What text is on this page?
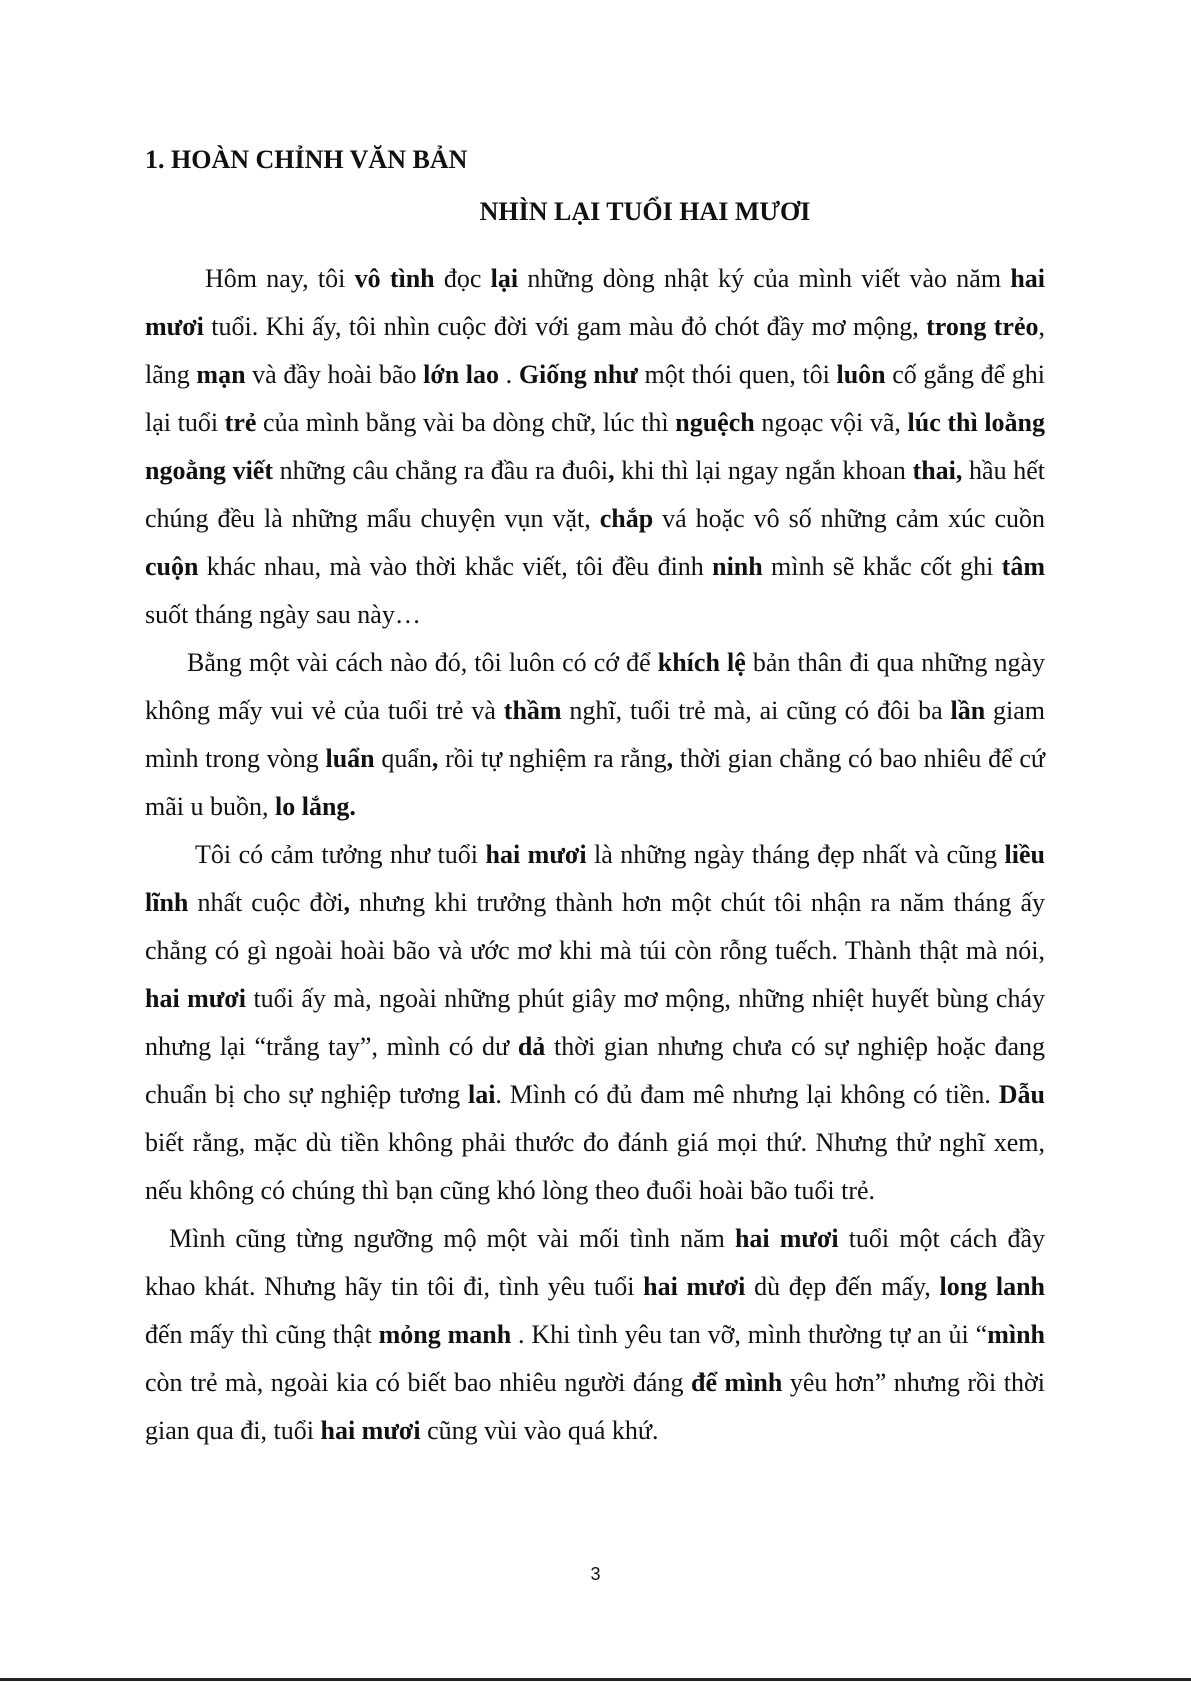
1. HOÀN CHỈNH VĂN BẢN
NHÌN LẠI TUỔI HAI MƯƠI

Hôm nay, tôi vô tình đọc lại những dòng nhật ký của mình viết vào năm hai mươi tuổi. Khi ấy, tôi nhìn cuộc đời với gam màu đỏ chót đầy mơ mộng, trong trẻo, lãng mạn và đầy hoài bão lớn lao . Giống như một thói quen, tôi luôn cố gắng để ghi lại tuổi trẻ của mình bằng vài ba dòng chữ, lúc thì nguệch ngoạc vội vã, lúc thì loằng ngoằng viết những câu chẳng ra đầu ra đuôi, khi thì lại ngay ngắn khoan thai, hầu hết chúng đều là những mẩu chuyện vụn vặt, chắp vá hoặc vô số những cảm xúc cuồn cuộn khác nhau, mà vào thời khắc viết, tôi đều đinh ninh mình sẽ khắc cốt ghi tâm suốt tháng ngày sau này…

Bằng một vài cách nào đó, tôi luôn có cớ để khích lệ bản thân đi qua những ngày không mấy vui vẻ của tuổi trẻ và thầm nghĩ, tuổi trẻ mà, ai cũng có đôi ba lần giam mình trong vòng luẩn quẩn, rồi tự nghiệm ra rằng, thời gian chẳng có bao nhiêu để cứ mãi u buồn, lo lắng.

Tôi có cảm tưởng như tuổi hai mươi là những ngày tháng đẹp nhất và cũng liều lĩnh nhất cuộc đời, nhưng khi trưởng thành hơn một chút tôi nhận ra năm tháng ấy chẳng có gì ngoài hoài bão và ước mơ khi mà túi còn rỗng tuếch. Thành thật mà nói, hai mươi tuổi ấy mà, ngoài những phút giây mơ mộng, những nhiệt huyết bùng cháy nhưng lại “trắng tay”, mình có dư dả thời gian nhưng chưa có sự nghiệp hoặc đang chuẩn bị cho sự nghiệp tương lai. Mình có đủ đam mê nhưng lại không có tiền. Dẫu biết rằng, mặc dù tiền không phải thước đo đánh giá mọi thứ. Nhưng thử nghĩ xem, nếu không có chúng thì bạn cũng khó lòng theo đuổi hoài bão tuổi trẻ.

Mình cũng từng ngưỡng mộ một vài mối tình năm hai mươi tuổi một cách đầy khao khát. Nhưng hãy tin tôi đi, tình yêu tuổi hai mươi dù đẹp đến mấy, long lanh đến mấy thì cũng thật mỏng manh . Khi tình yêu tan vỡ, mình thường tự an ủi “mình còn trẻ mà, ngoài kia có biết bao nhiêu người đáng để mình yêu hơn” nhưng rồi thời gian qua đi, tuổi hai mươi cũng vùi vào quá khứ.

3
